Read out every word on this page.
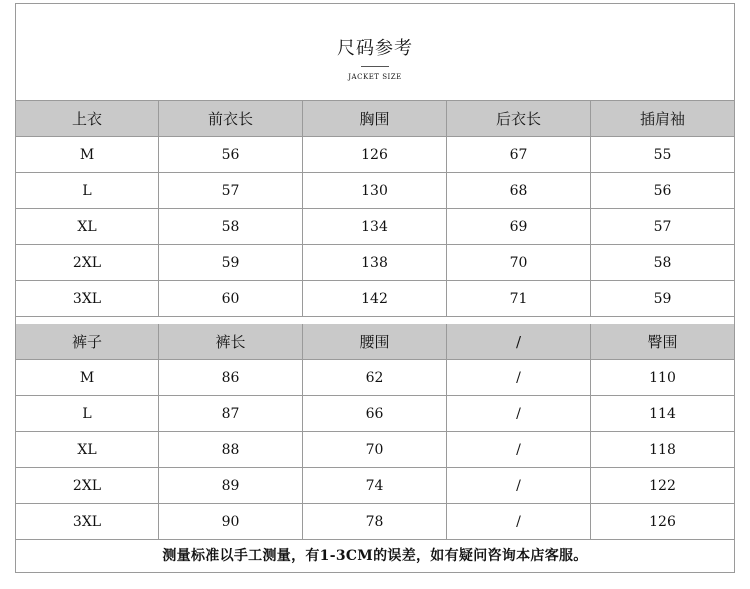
尺码参考
JACKET SIZE
上衣	前衣长	胸围	后衣长	插肩袖
M	56	126	67	55
L	57	130	68	56
XL	58	134	69	57
2XL	59	138	70	58
3XL	60	142	71	59
裤子	裤长	腰围	/	臀围
M	86	62	/	110
L	87	66	/	114
XL	88	70	/	118
2XL	89	74	/	122
3XL	90	78	/	126
测量标准以手工测量，有1-3CM的误差，如有疑问咨询本店客服。
